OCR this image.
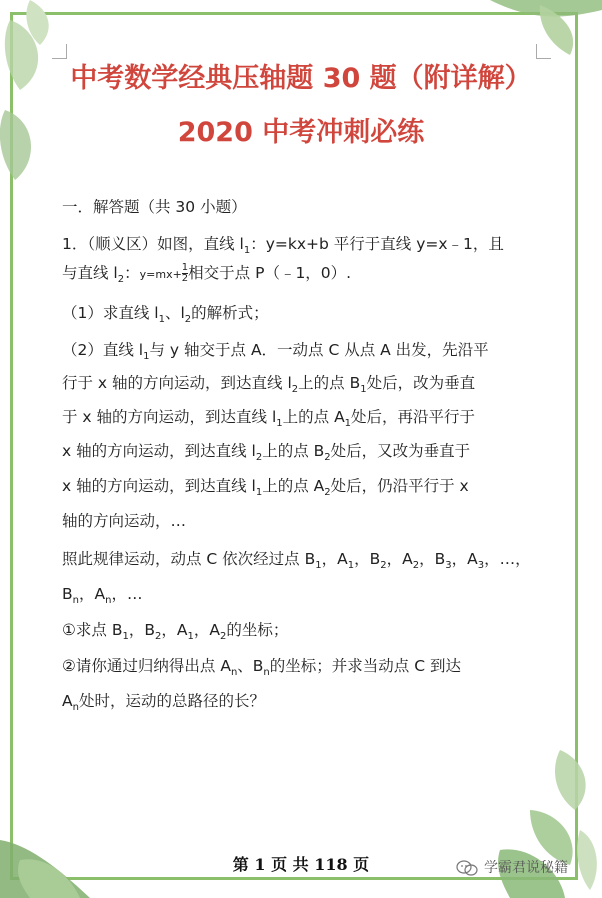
中考数学经典压轴题 30 题（附详解）
2020 中考冲刺必练
一．解答题（共 30 小题）
1．（顺义区）如图，直线 $l_1$：y=kx+b 平行于直线 y=x﹣1，且
与直线 $l_2$：$y=mx+ \frac{1}{2}$ 相交于点 P（﹣1，0）.
（1）求直线 $l_1$、$l_2$的解析式；
（2）直线 $l_1$与 y 轴交于点 A．一动点 C 从点 A 出发，先沿平
行于 x 轴的方向运动，到达直线 $l_2$上的点 $B_1$处后，改为垂直
于 x 轴的方向运动，到达直线 $l_1$上的点 $A_1$处后，再沿平行于
x 轴的方向运动，到达直线 $l_2$上的点 $B_2$处后，又改为垂直于
x 轴的方向运动，到达直线 $l_1$上的点 $A_2$处后，仍沿平行于 x
轴的方向运动，…
照此规律运动，动点 C 依次经过点 $B_1$，$A_1$，$B_2$，$A_2$，$B_3$，$A_3$，…，
$B_n$，$A_n$，…
①求点 $B_1$，$B_2$，$A_1$，$A_2$的坐标；
②请你通过归纳得出点 $A_n$、$B_n$的坐标；并求当动点 C 到达
$A_n$处时，运动的总路径的长？
第 1 页 共 118 页	学霸君说秘籍
